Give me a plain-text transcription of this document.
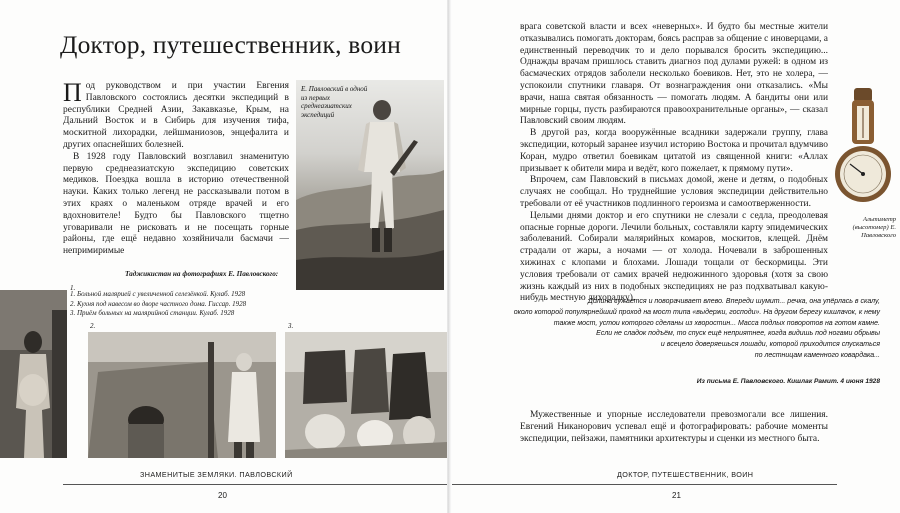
Доктор, путешественник, воин

Под руководством и при участии Евгения Павловского состоялись десятки экспедиций в республики Средней Азии, Закавказье, Крым, на Дальний Восток и в Сибирь для изучения тифа, москитной лихорадки, лейшманиозов, энцефалита и других опаснейших болезней.

В 1928 году Павловский возглавил знаменитую первую среднеазиатскую экспедицию советских медиков. Поездка вошла в историю отечественной науки. Каких только легенд не рассказывали потом в этих краях о маленьком отряде врачей и его вдохновителе! Будто бы Павловского тщетно уговаривали не рисковать и не посещать горные районы, где ещё недавно хозяйничали басмачи — непримиримые

Е. Павловский в одной из первых среднеазиатских экспедиций
Таджикистан на фотографиях Е. Павловского:
1. Больной малярией с увеличенной селезёнкой. Кулаб. 1928
2. Кухня под навесом во дворе частного дома. Гиссар. 1928
3. Приём больных на малярийной станции. Кулаб. 1928
1.
2.	3.
ЗНАМЕНИТЫЕ ЗЕМЛЯКИ. ПАВЛОВСКИЙ
20

врага советской власти и всех «неверных». И будто бы местные жители отказывались помогать докторам, боясь расправ за общение с иноверцами, а единственный переводчик то и дело порывался бросить экспедицию... Однажды врачам пришлось ставить диагноз под дулами ружей: в одном из басмаческих отрядов заболели несколько боевиков. Нет, это не холера, — успокоили спутники главаря. От вознаграждения они отказались. «Мы врачи, наша святая обязанность — помогать людям. А бандиты они или мирные горцы, пусть разбираются правоохранительные органы», — сказал Павловский своим людям.

В другой раз, когда вооружённые всадники задержали группу, глава экспедиции, который заранее изучил историю Востока и прочитал вдумчиво Коран, мудро ответил боевикам цитатой из священной книги: «Аллах призывает к обители мира и ведёт, кого пожелает, к прямому пути».

Впрочем, сам Павловский в письмах домой, жене и детям, о подобных случаях не сообщал. Но труднейшие условия экспедиции действительно требовали от её участников подлинного героизма и самоотверженности.

Целыми днями доктор и его спутники не слезали с седла, преодолевая опасные горные дороги. Лечили больных, составляли карту эпидемических заболеваний. Собирали малярийных комаров, москитов, клещей. Днём страдали от жары, а ночами — от холода. Ночевали в заброшенных хижинах с клопами и блохами. Лошади тощали от бескормицы. Эти условия требовали от самих врачей недюжинного здоровья (хотя за свою жизнь каждый из них в подобных экспедициях не раз подхватывал какую-нибудь местную лихорадку).

Альтиметр (высотомер) Е. Павловского
Долина сужается и поворачивает влево. Впереди шумит... речка, она упёрлась в скалу,
около которой популярнейший проход на мост типа «выдержи, господи». На другом берегу кишлачок, к нему
также мост, устои которого сделаны из хворостин... Масса подлых поворотов на готом камне.
Если не сладок подъём, то спуск ещё неприятнее, когда видишь под ногами обрывы
и всецело доверяешься лошади, которой приходится спускаться
по лестницам каменного ковардака...
Из письма Е. Павловского. Кишлак Рамит. 4 июня 1928

Мужественные и упорные исследователи превозмогали все лишения. Евгений Никанорович успевал ещё и фотографировать: рабочие моменты экспедиции, пейзажи, памятники архитектуры и сценки из местного быта.

ДОКТОР, ПУТЕШЕСТВЕННИК, ВОИН
21
